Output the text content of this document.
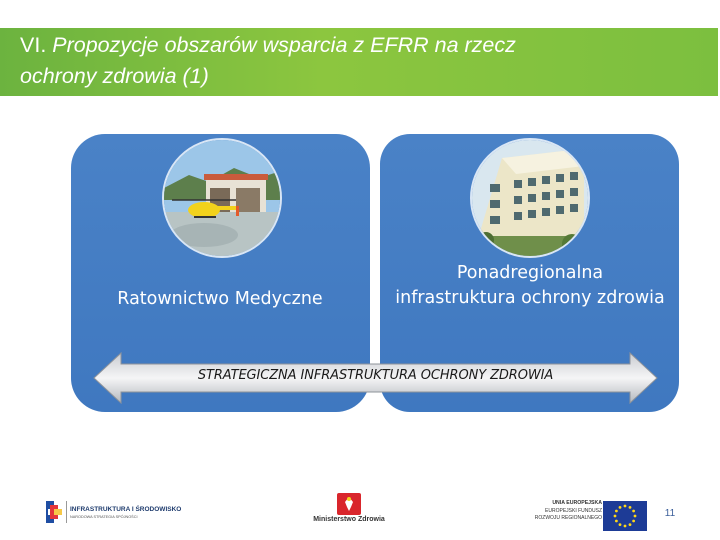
VI. Propozycje obszarów wsparcia z EFRR na rzecz
ochrony zdrowia (1)
Ratownictwo Medyczne
Ponadregionalna infrastruktura ochrony zdrowia
STRATEGICZNA INFRASTRUKTURA OCHRONY ZDROWIA
INFRASTRUKTURA I ŚRODOWISKO
NARODOWA STRATEGIA SPÓJNOŚCI	Ministerstwo Zdrowia
UNIA EUROPEJSKA
EUROPEJSKI FUNDUSZ
ROZWOJU REGIONALNEGO	11
